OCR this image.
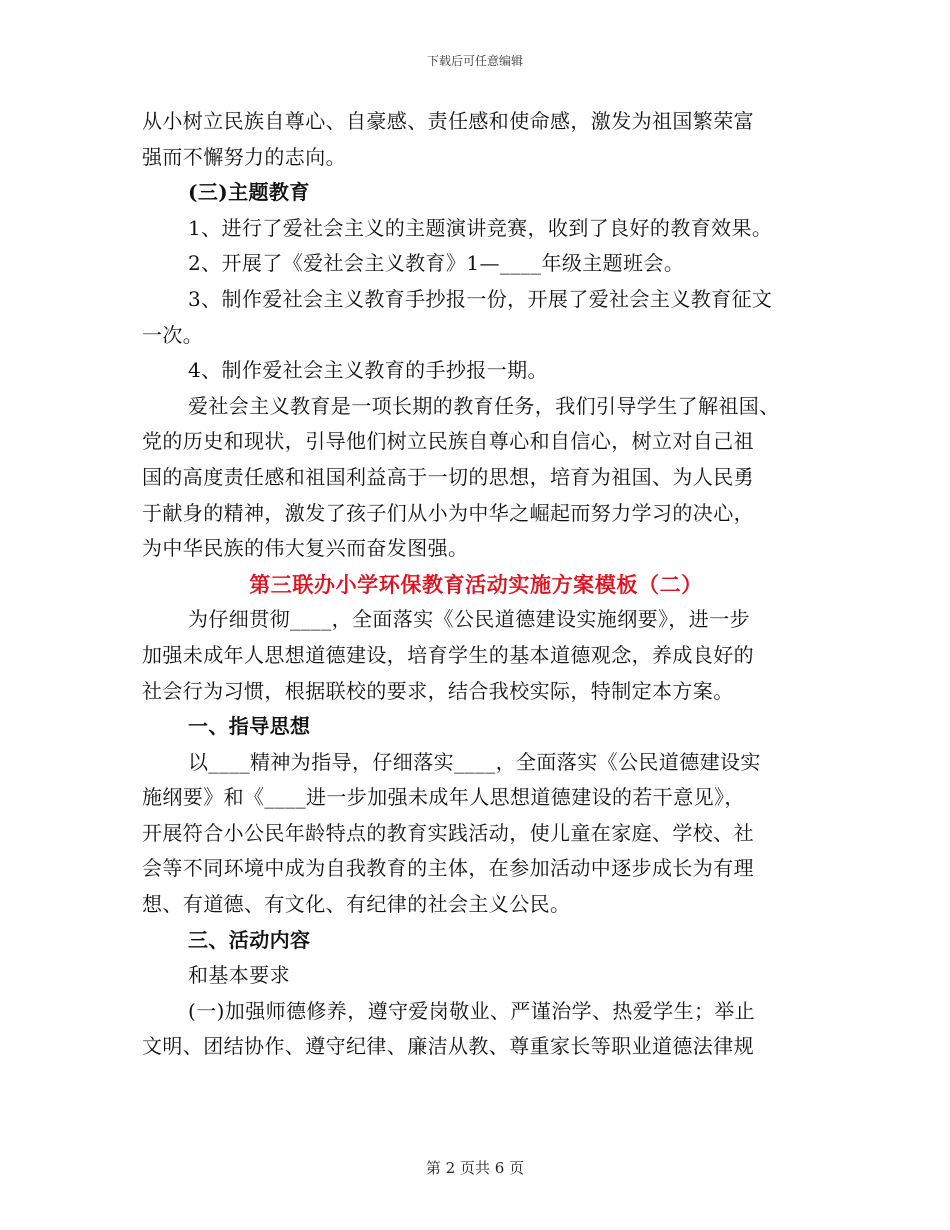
下载后可任意编辑
从小树立民族自尊心、自豪感、责任感和使命感，激发为祖国繁荣富
强而不懈努力的志向。
(三)主题教育
1、进行了爱社会主义的主题演讲竞赛，收到了良好的教育效果。
2、开展了《爱社会主义教育》1—____年级主题班会。
3、制作爱社会主义教育手抄报一份，开展了爱社会主义教育征文
一次。
4、制作爱社会主义教育的手抄报一期。
爱社会主义教育是一项长期的教育任务，我们引导学生了解祖国、
党的历史和现状，引导他们树立民族自尊心和自信心，树立对自己祖
国的高度责任感和祖国利益高于一切的思想，培育为祖国、为人民勇
于献身的精神，激发了孩子们从小为中华之崛起而努力学习的决心，
为中华民族的伟大复兴而奋发图强。
第三联办小学环保教育活动实施方案模板（二）
为仔细贯彻____，全面落实《公民道德建设实施纲要》，进一步
加强未成年人思想道德建设，培育学生的基本道德观念，养成良好的
社会行为习惯，根据联校的要求，结合我校实际，特制定本方案。
一、指导思想
以____精神为指导，仔细落实____，全面落实《公民道德建设实
施纲要》和《____进一步加强未成年人思想道德建设的若干意见》，
开展符合小公民年龄特点的教育实践活动，使儿童在家庭、学校、社
会等不同环境中成为自我教育的主体，在参加活动中逐步成长为有理
想、有道德、有文化、有纪律的社会主义公民。
三、活动内容
和基本要求
(一)加强师德修养，遵守爱岗敬业、严谨治学、热爱学生；举止
文明、团结协作、遵守纪律、廉洁从教、尊重家长等职业道德法律规
第 2 页共 6 页
